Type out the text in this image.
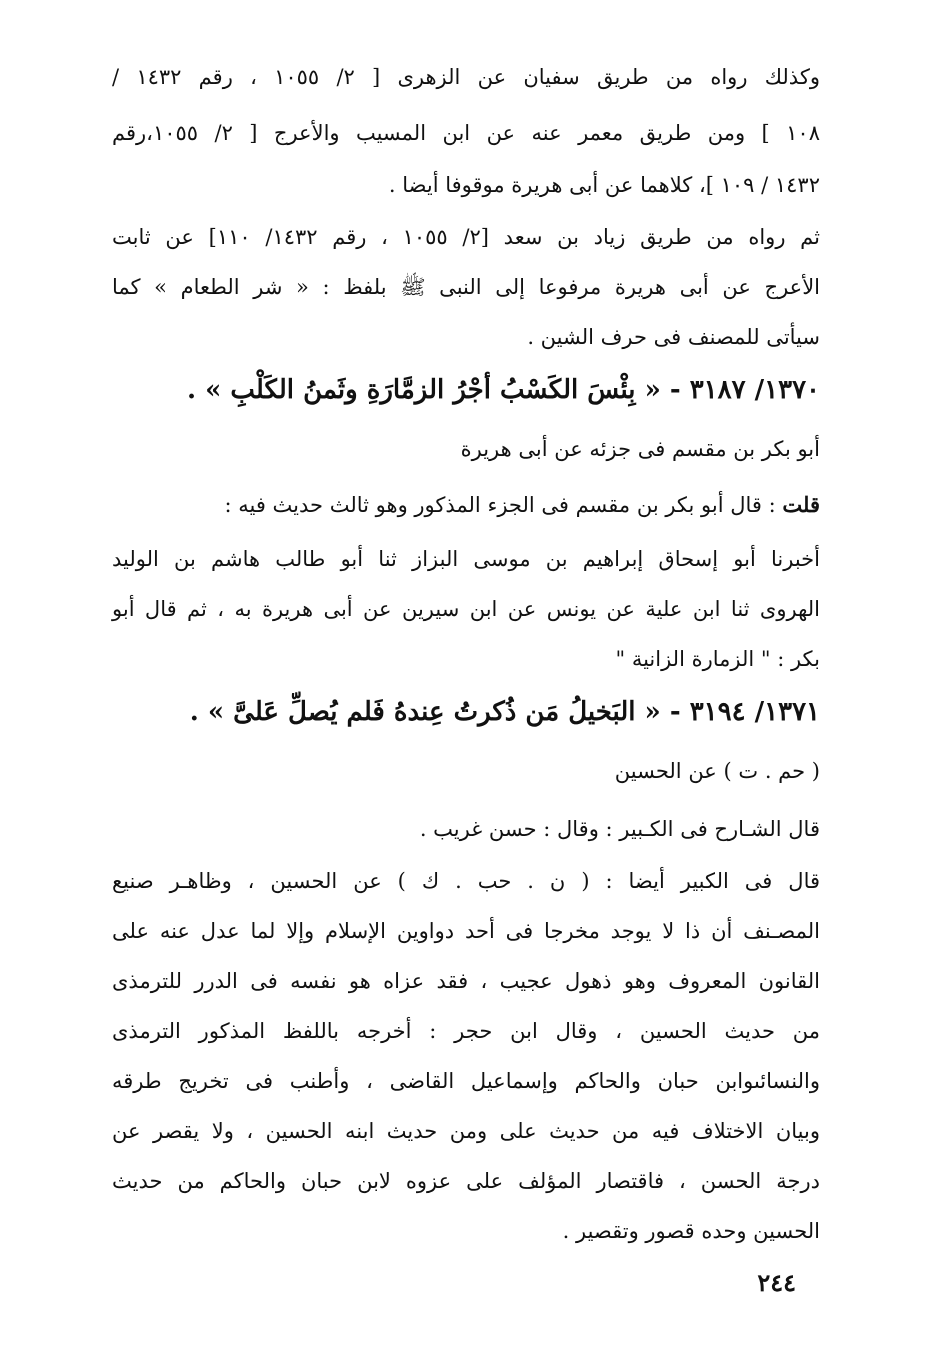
وكذلك رواه من طريق سفيان عن الزهرى [ ٢/ ١٠٥٥ ، رقم ١٤٣٢ /
١٠٨ ] ومن طريق معمر عنه عن ابن المسيب والأعرج [ ٢/ ١٠٥٥،رقم
١٤٣٢ / ١٠٩ ]، كلاهما عن أبى هريرة موقوفا أيضا .
ثم رواه من طريق زياد بن سعد [٢/ ١٠٥٥ ، رقم ١٤٣٢/ ١١٠] عن ثابت
الأعرج عن أبى هريرة مرفوعا إلى النبى ﷺ بلفظ : « شر الطعام » كما
سيأتى للمصنف فى حرف الشين .
١٣٧٠/ ٣١٨٧ - « بِئْسَ الكَسْبُ أجْرُ الزمَّارَةِ وثَمنُ الكَلْبِ » .
أبو بكر بن مقسم فى جزئه عن أبى هريرة
قلت : قال أبو بكر بن مقسم فى الجزء المذكور وهو ثالث حديث فيه :
أخبرنا أبو إسحاق إبراهيم بن موسى البزاز ثنا أبو طالب هاشم بن الوليد
الهروى ثنا ابن علية عن يونس عن ابن سيرين عن أبى هريرة به ، ثم قال أبو
بكر : " الزمارة الزانية "
١٣٧١/ ٣١٩٤ - « البَخيلُ مَن ذُكرتُ عِندهُ فَلم يُصلِّ عَلىَّ » .
( حم . ت ) عن الحسين
قال الشـارح فى الكـبير : وقال : حسن غريب .
قال فى الكبير أيضا : ( ن . حب . ك ) عن الحسين ، وظاهـر صنيع
المصـنف أن ذا لا يوجد مخرجا فى أحد دواوين الإسلام وإلا لما عدل عنه على
القانون المعروف وهو ذهول عجيب ، فقد عزاه هو نفسه فى الدرر للترمذى
من حديث الحسين ، وقال ابن حجر : أخرجه باللفظ المذكور الترمذى
والنسائىوابن حبان والحاكم وإسماعيل القاضى ، وأطنب فى تخريج طرقه
وبيان الاختلاف فيه من حديث على ومن حديث ابنه الحسين ، ولا يقصر عن
درجة الحسن ، فاقتصار المؤلف على عزوه لابن حبان والحاكم من حديث
الحسين وحده قصور وتقصير .
٢٤٤
